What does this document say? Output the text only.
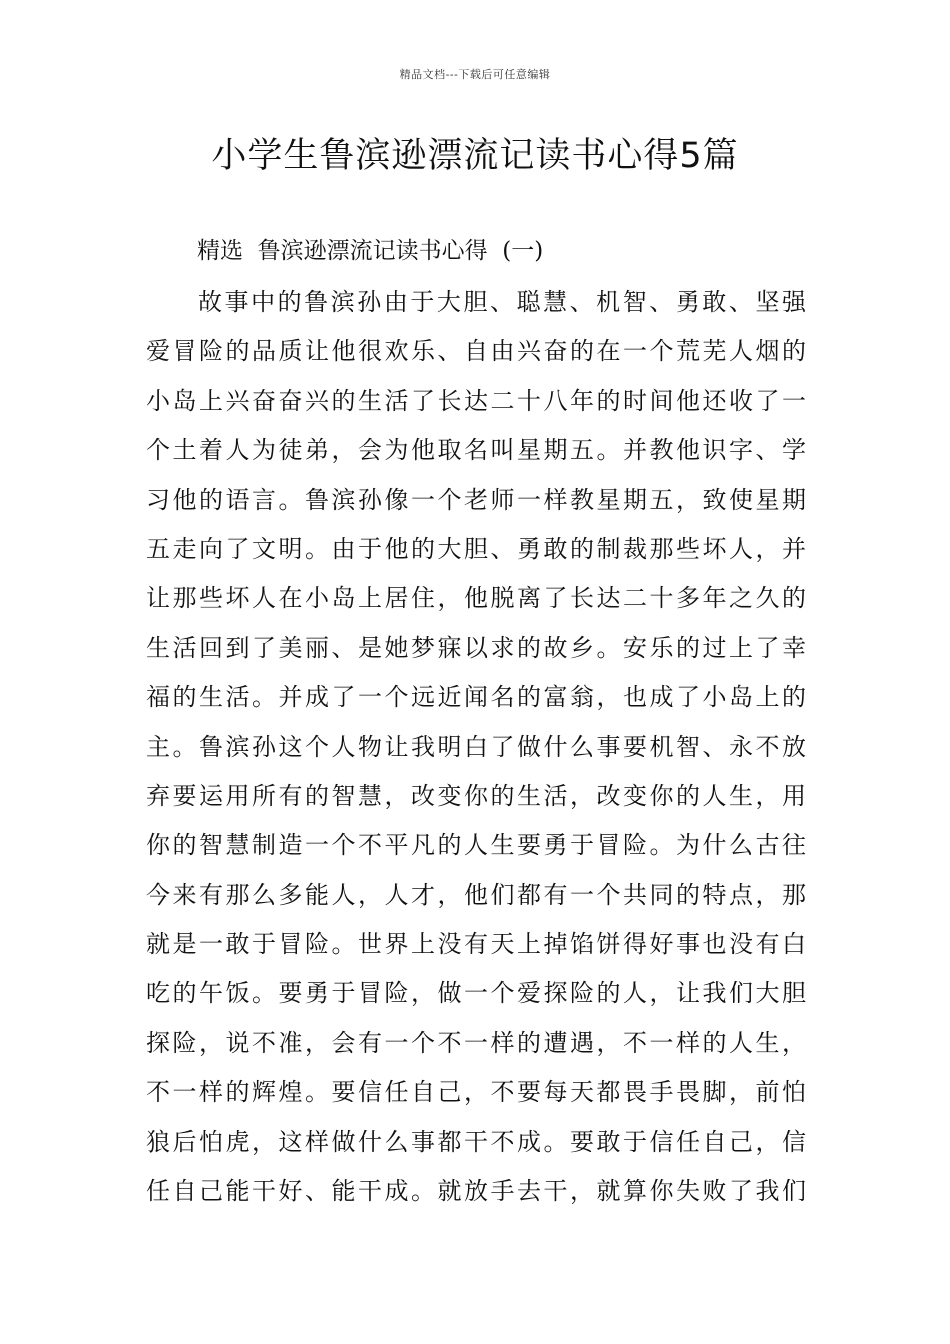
精品文档---下载后可任意编辑
小学生鲁滨逊漂流记读书心得5篇
精选  鲁滨逊漂流记读书心得  (一)
故事中的鲁滨孙由于大胆、聪慧、机智、勇敢、坚强
爱冒险的品质让他很欢乐、自由兴奋的在一个荒芜人烟的
小岛上兴奋奋兴的生活了长达二十八年的时间他还收了一
个土着人为徒弟，会为他取名叫星期五。并教他识字、学
习他的语言。鲁滨孙像一个老师一样教星期五，致使星期
五走向了文明。由于他的大胆、勇敢的制裁那些坏人，并
让那些坏人在小岛上居住，他脱离了长达二十多年之久的
生活回到了美丽、是她梦寐以求的故乡。安乐的过上了幸
福的生活。并成了一个远近闻名的富翁，也成了小岛上的
主。鲁滨孙这个人物让我明白了做什么事要机智、永不放
弃要运用所有的智慧，改变你的生活，改变你的人生，用
你的智慧制造一个不平凡的人生要勇于冒险。为什么古往
今来有那么多能人，人才，他们都有一个共同的特点，那
就是一敢于冒险。世界上没有天上掉馅饼得好事也没有白
吃的午饭。要勇于冒险，做一个爱探险的人，让我们大胆
探险，说不准，会有一个不一样的遭遇，不一样的人生，
不一样的辉煌。要信任自己，不要每天都畏手畏脚，前怕
狼后怕虎，这样做什么事都干不成。要敢于信任自己，信
任自己能干好、能干成。就放手去干，就算你失败了我们
